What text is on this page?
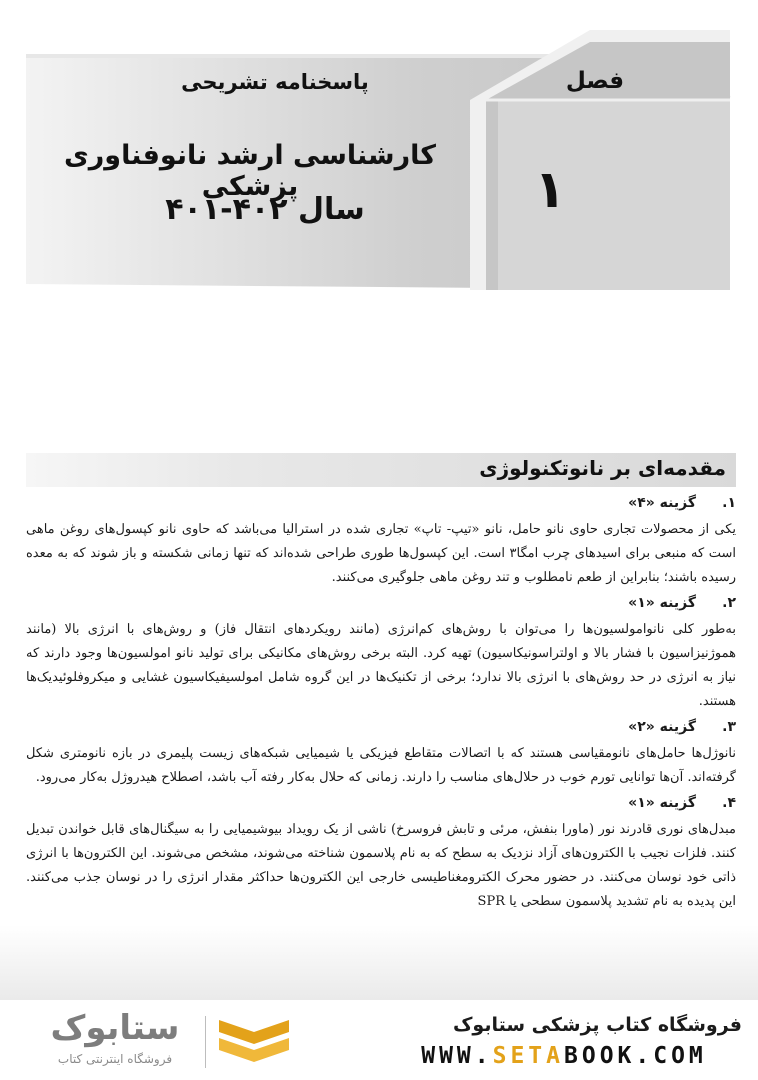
پاسخنامه تشریحی
کارشناسی ارشد نانوفناوری پزشکی
سال ۴۰۲-۴۰۱
فصل
۱
مقدمه‌ای بر نانوتکنولوژی
۱.
گزینه «۴»

یکی از محصولات تجاری حاوی نانو حامل، نانو «تیپ- تاپ» تجاری شده در استرالیا می‌باشد که حاوی نانو کپسول‌های روغن ماهی است که منبعی برای اسیدهای چرب امگا۳ است. این کپسول‌ها طوری طراحی شده‌اند که تنها زمانی شکسته و باز شوند که به معده رسیده باشند؛ بنابراین از طعم نامطلوب و تند روغن ماهی جلوگیری می‌کنند.

۲.
گزینه «۱»

به‌طور کلی نانوامولسیون‌ها را می‌توان با روش‌های کم‌انرژی (مانند رویکردهای انتقال فاز) و روش‌های با انرژی بالا (مانند هموژنیزاسیون با فشار بالا و اولتراسونیکاسیون) تهیه کرد. البته برخی روش‌های مکانیکی برای تولید نانو امولسیون‌ها وجود دارند که نیاز به انرژی در حد روش‌های با انرژی بالا ندارد؛ برخی از تکنیک‌ها در این گروه شامل امولسیفیکاسیون غشایی و میکروفلوئیدیک‌ها هستند.

۳.
گزینه «۲»

نانوژل‌ها حامل‌های نانومقیاسی هستند که با اتصالات متقاطع فیزیکی یا شیمیایی شبکه‌های زیست پلیمری در بازه نانومتری شکل گرفته‌اند. آن‌ها توانایی تورم خوب در حلال‌های مناسب را دارند. زمانی که حلال به‌کار رفته آب باشد، اصطلاح هیدروژل به‌کار می‌رود.

۴.
گزینه «۱»

مبدل‌های نوری قادرند نور (ماورا بنفش، مرئی و تابش فروسرخ) ناشی از یک رویداد بیوشیمیایی را به سیگنال‌های قابل خواندن تبدیل کنند. فلزات نجیب با الکترون‌های آزاد نزدیک به سطح که به نام پلاسمون شناخته می‌شوند، مشخص می‌شوند. این الکترون‌ها با انرژی ذاتی خود نوسان می‌کنند. در حضور محرک الکترومغناطیسی خارجی این الکترون‌ها حداکثر مقدار انرژی را در نوسان جذب می‌کنند. این پدیده به نام تشدید پلاسمون سطحی یا SPR

فروشگاه کتاب پزشکی ستابوک
WWW.SETABOOK.COM
ستابوک
فروشگاه اینترنتی کتاب
